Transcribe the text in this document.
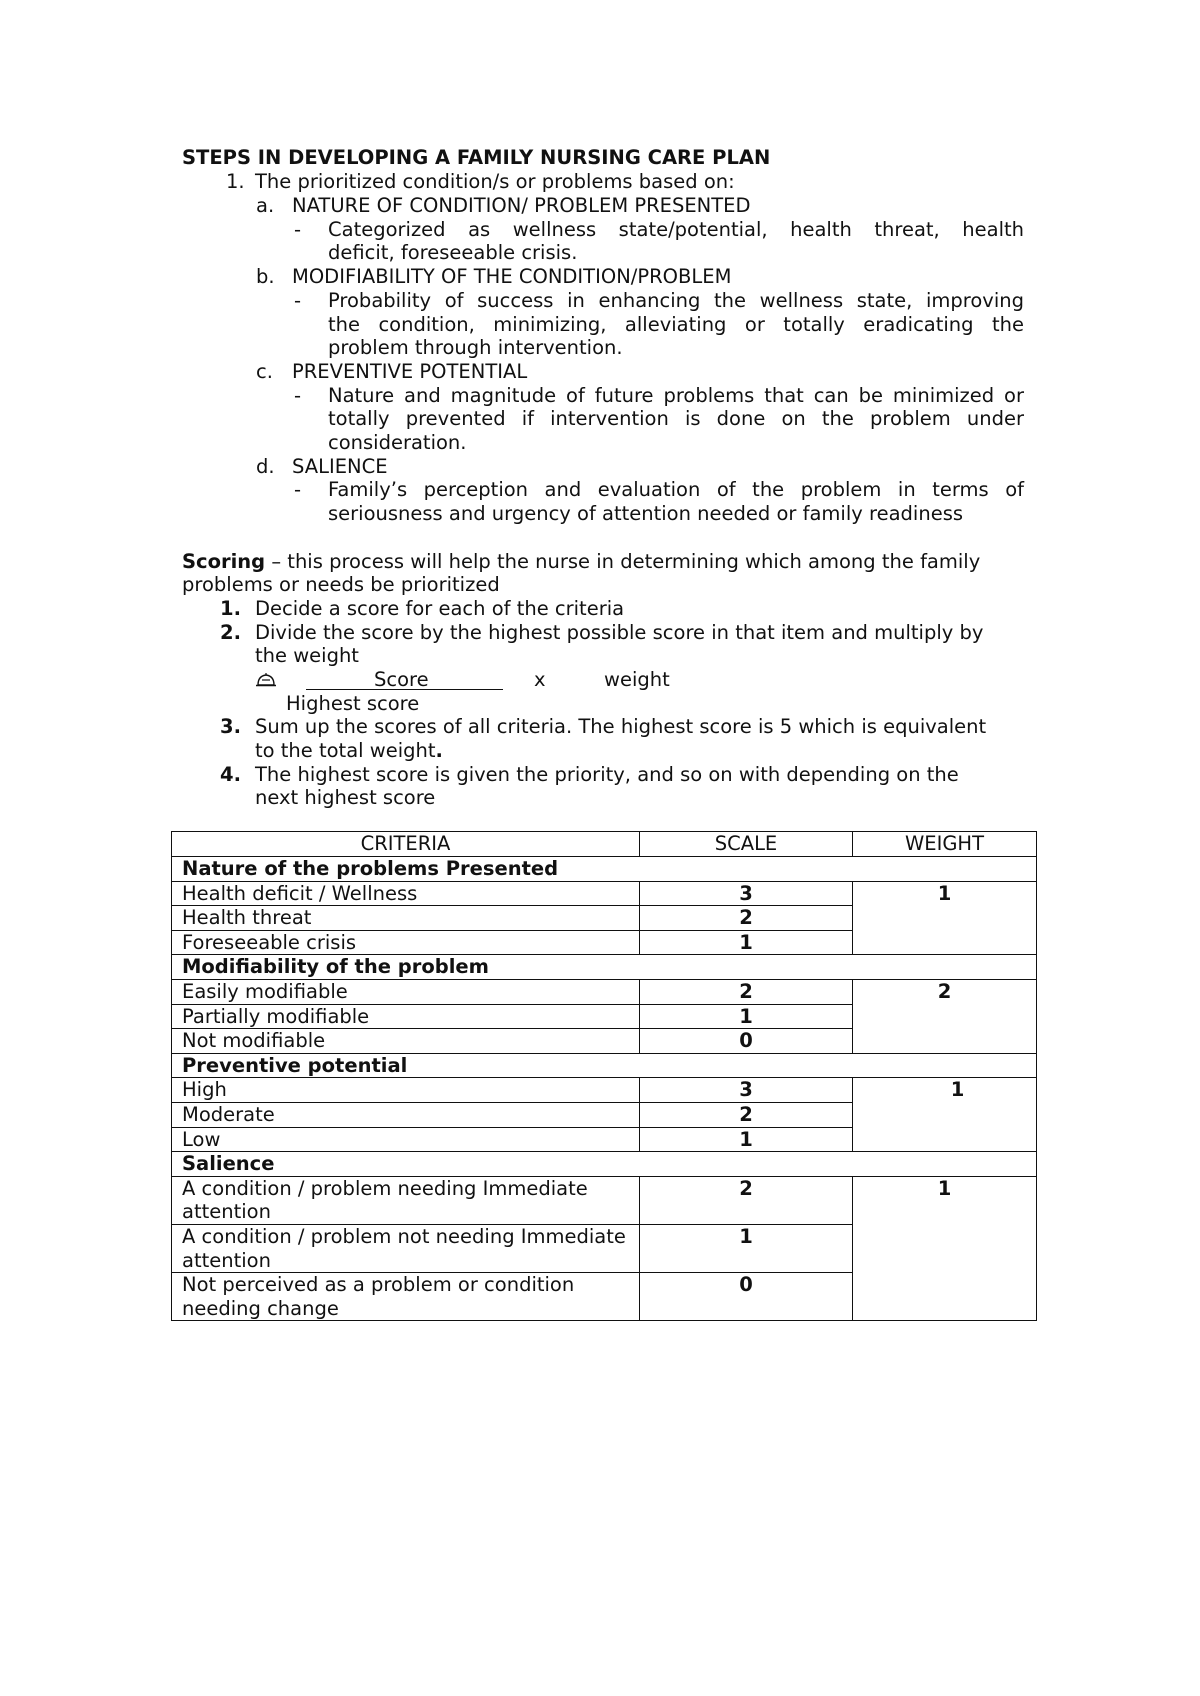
STEPS IN DEVELOPING A FAMILY NURSING CARE PLAN
1. The prioritized condition/s or problems based on:
a. NATURE OF CONDITION/ PROBLEM PRESENTED
- Categorized as wellness state/potential, health threat, health
deficit, foreseeable crisis.
b. MODIFIABILITY OF THE CONDITION/PROBLEM
- Probability of success in enhancing the wellness state, improving
the condition, minimizing, alleviating or totally eradicating the
problem through intervention.
c. PREVENTIVE POTENTIAL
- Nature and magnitude of future problems that can be minimized or
totally prevented if intervention is done on the problem under
consideration.
d. SALIENCE
- Family’s perception and evaluation of the problem in terms of
seriousness and urgency of attention needed or family readiness
Scoring – this process will help the nurse in determining which among the family
problems or needs be prioritized
1. Decide a score for each of the criteria
2. Divide the score by the highest possible score in that item and multiply by
the weight
Score	x	weight
Highest score
3. Sum up the scores of all criteria. The highest score is 5 which is equivalent
to the total weight.
4. The highest score is given the priority, and so on with depending on the
next highest score
CRITERIA	SCALE	WEIGHT
Nature of the problems Presented		
Health deficit / Wellness	3	1
Health threat	2	
Foreseeable crisis	1	
Modifiability of the problem		
Easily modifiable	2	2
Partially modifiable	1	
Not modifiable	0	
Preventive potential		
High	3	1
Moderate	2	
Low	1	
Salience		
A condition / problem needing Immediate attention	2	1
A condition / problem not needing Immediate attention	1	
Not perceived as a problem or condition needing change	0	
